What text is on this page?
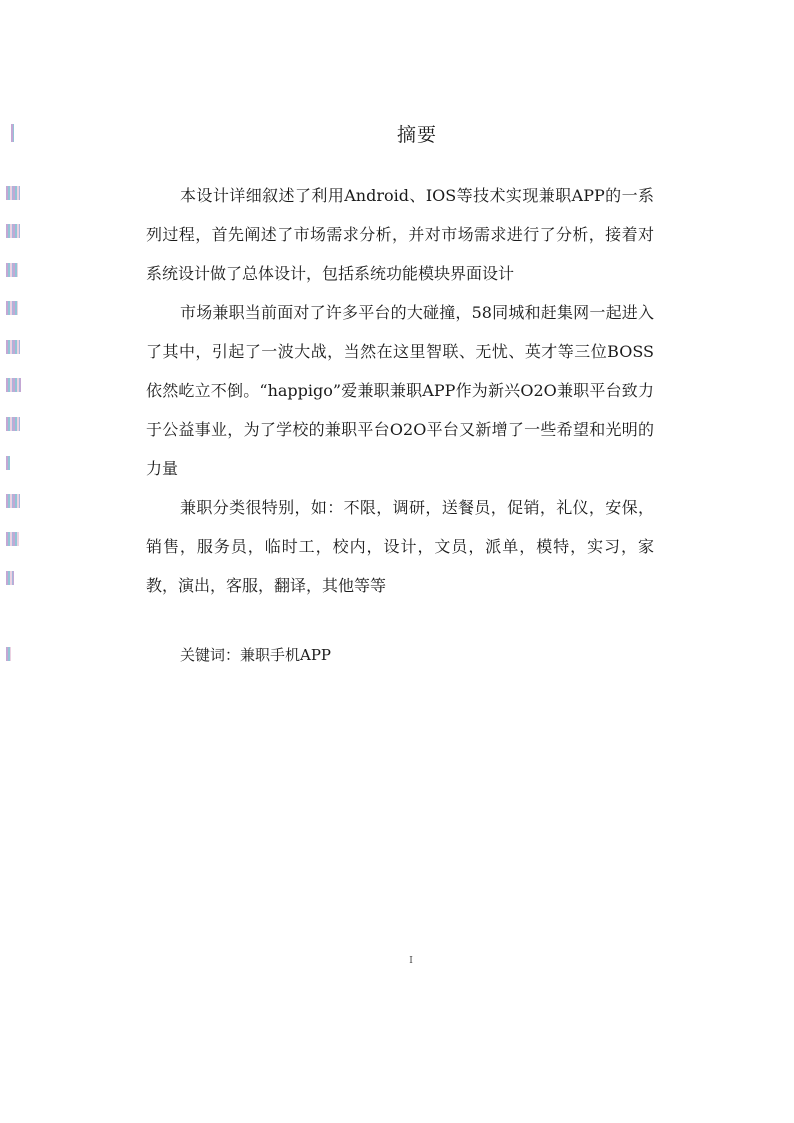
摘要

本设计详细叙述了利用Android、IOS等技术实现兼职APP的一系列过程，首先阐述了市场需求分析，并对市场需求进行了分析，接着对系统设计做了总体设计，包括系统功能模块界面设计

市场兼职当前面对了许多平台的大碰撞，58同城和赶集网一起进入了其中，引起了一波大战，当然在这里智联、无忧、英才等三位BOSS依然屹立不倒。“happigo”爱兼职兼职APP作为新兴O2O兼职平台致力于公益事业，为了学校的兼职平台O2O平台又新增了一些希望和光明的力量

兼职分类很特别，如：不限，调研，送餐员，促销，礼仪，安保，销售，服务员，临时工，校内，设计，文员，派单，模特，实习，家教，演出，客服，翻译，其他等等

关键词：兼职手机APP
I
